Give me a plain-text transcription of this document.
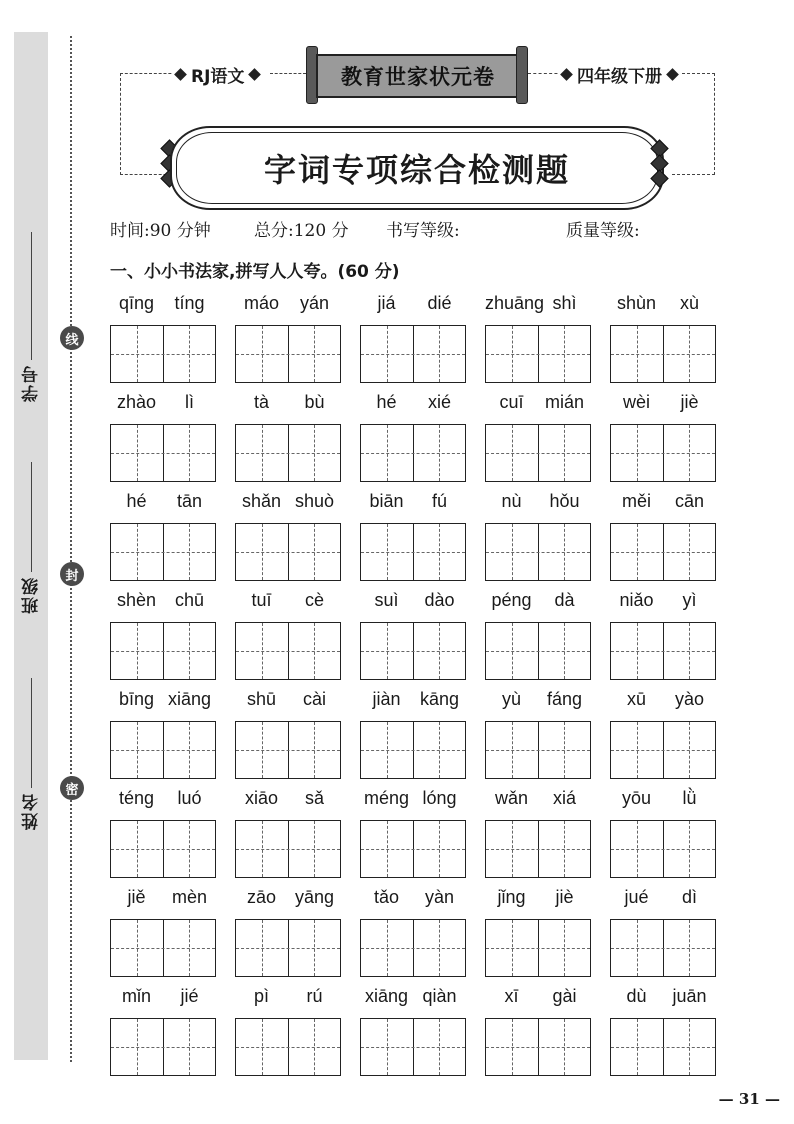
学号
班级
姓名
线
封
密
RJ语文	教育世家状元卷	四年级下册
字词专项综合检测题
时间:90 分钟	总分:120 分 书写等级:	质量等级:
一、小小书法家,拼写人人夸。(60 分)
qīng	tíng	máo	yán	jiá	dié	zhuāng shì	shùn	xù
zhào	lì	tà	bù	hé	xié	cuī	mián	wèi	jiè
hé	tān	shǎn shuò	biān	fú	nù	hǒu	měi	cān
shèn	chū	tuī	cè	suì	dào	péng	dà	niǎo	yì
bīng xiāng	shū	cài	jiàn	kāng	yù	fáng	xū	yào
téng	luó	xiāo	sǎ	méng lóng	wǎn	xiá	yōu	lǜ
jiě	mèn	zāo	yāng	tǎo	yàn	jǐng	jiè	jué	dì
mǐn	jié	pì	rú	xiāng qiàn	xī	gài	dù	juān
— 31 —
